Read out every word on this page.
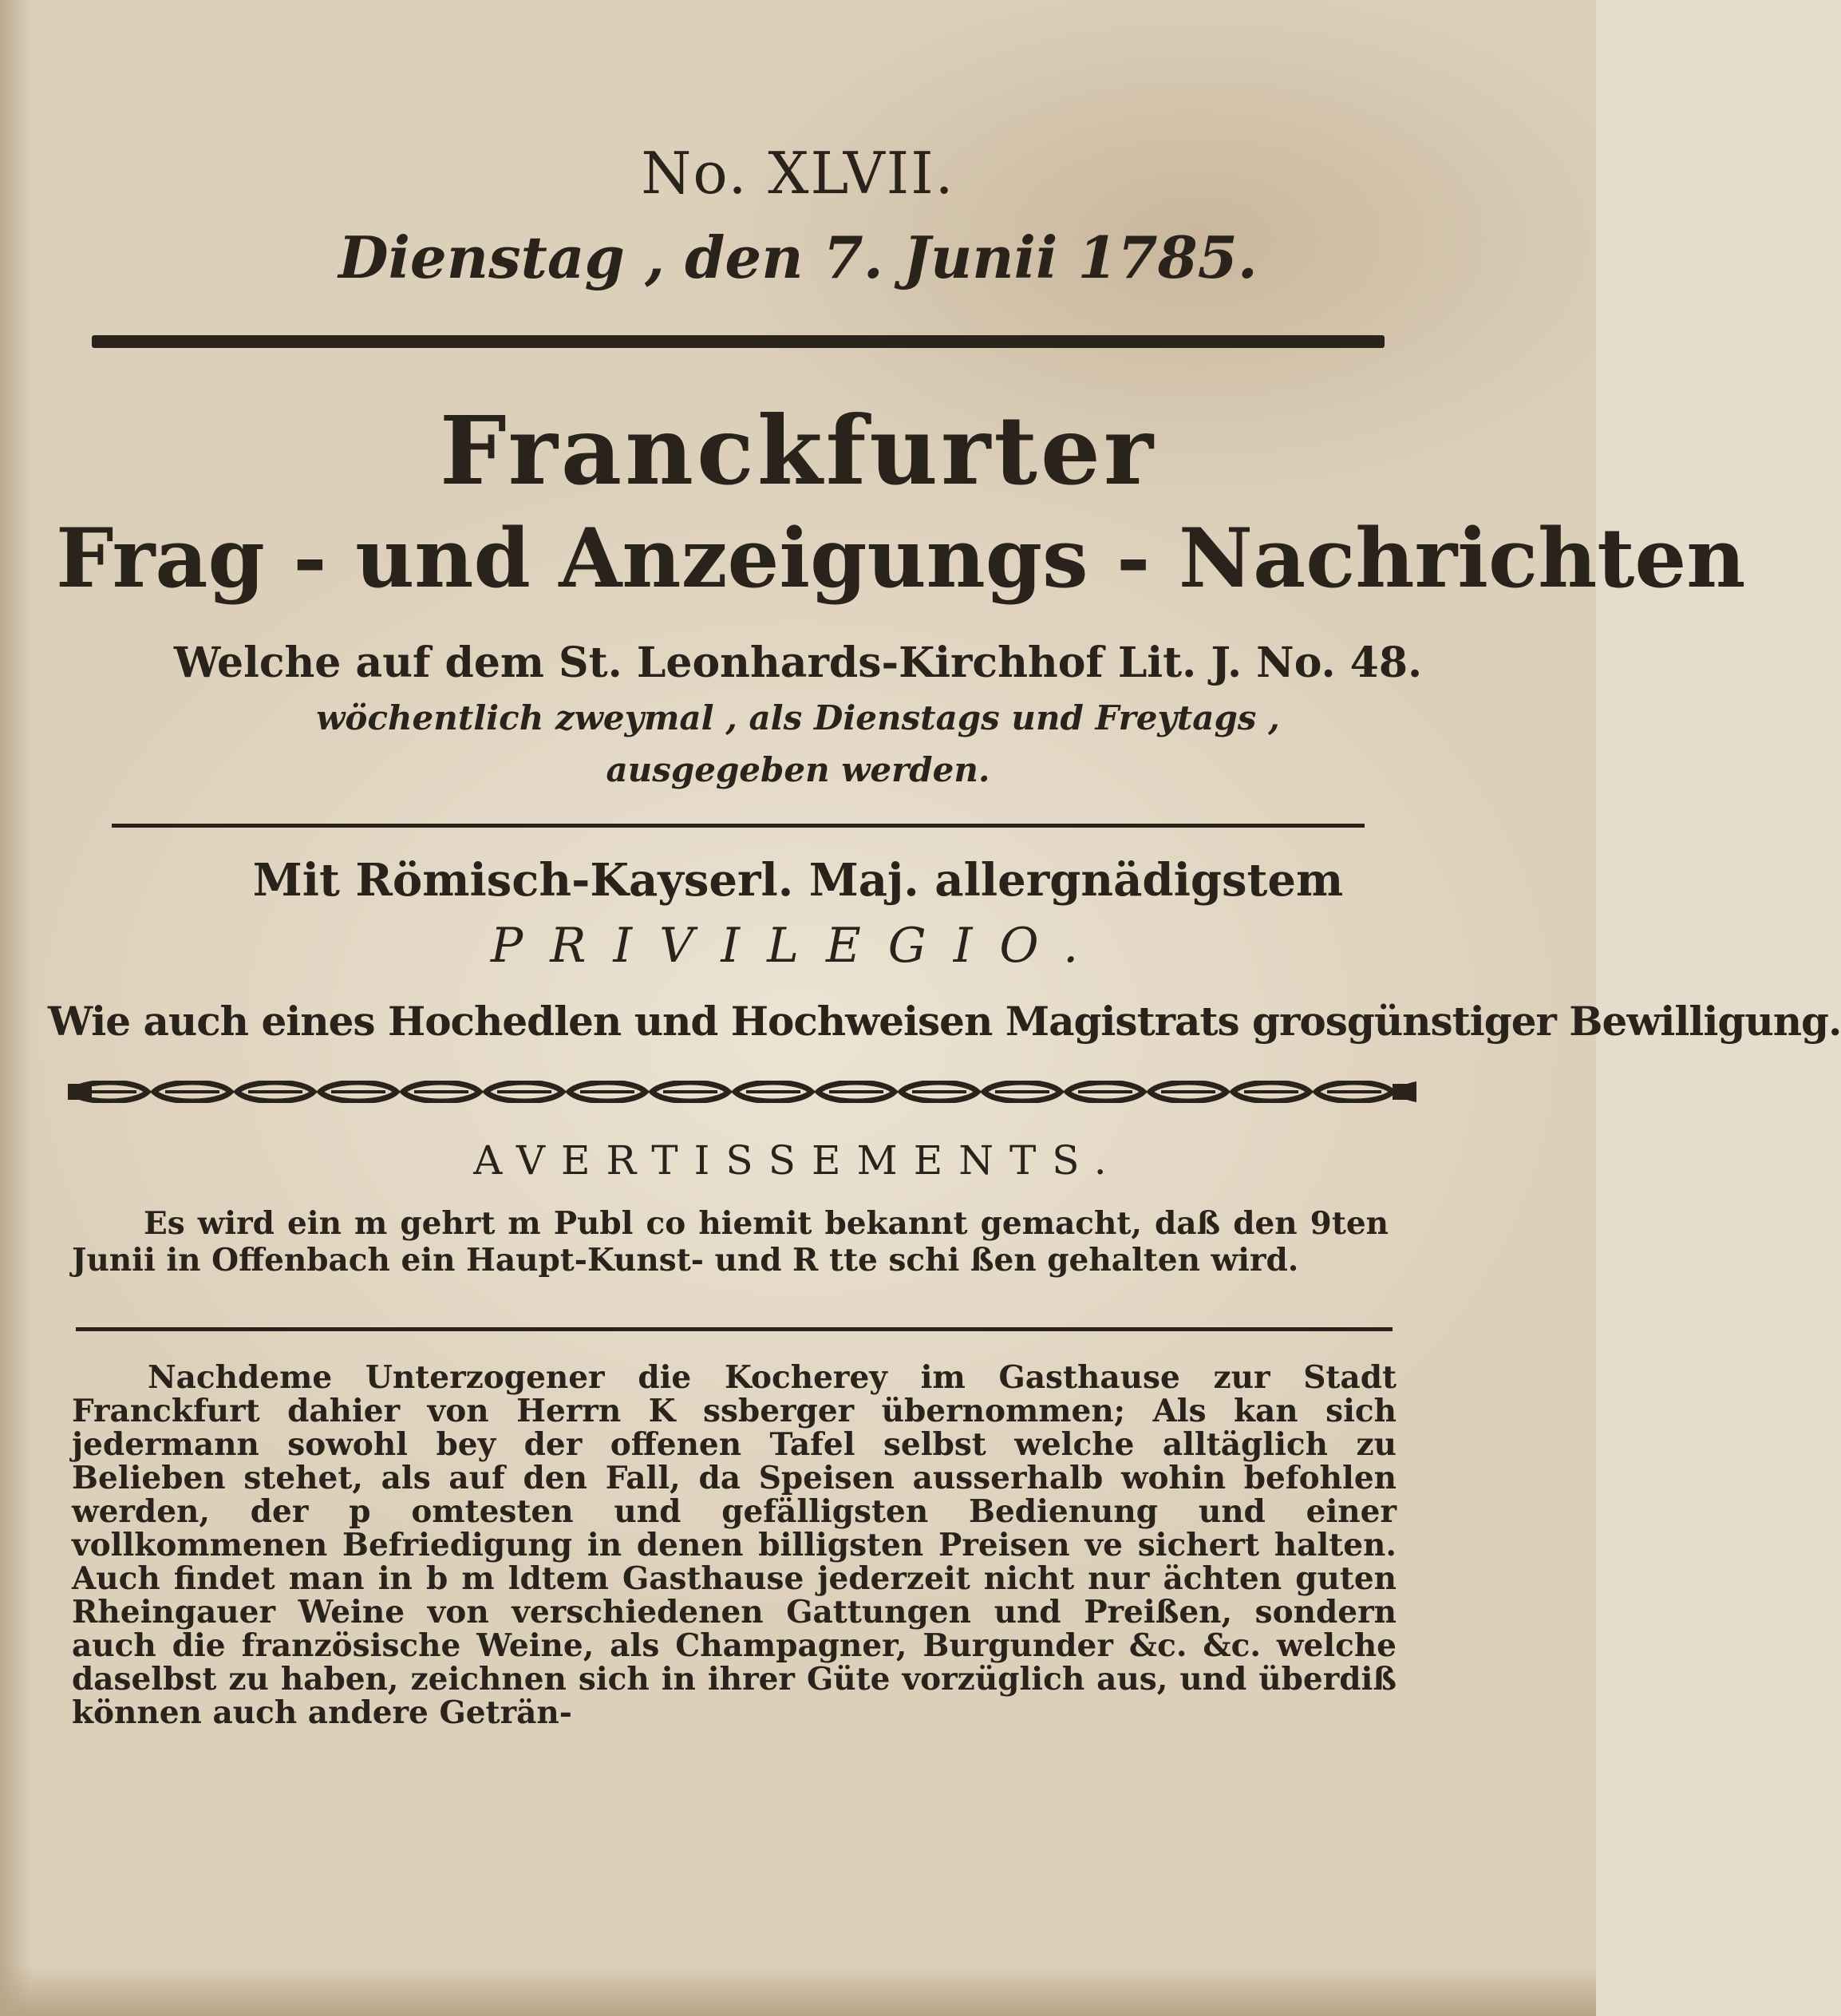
No. XLVII.
Dienstag , den 7. Junii 1785.
Franckfurter
Frag - und Anzeigungs - Nachrichten
Welche auf dem St. Leonhards-Kirchhof Lit. J. No. 48.
wöchentlich zweymal , als Dienstags und Freytags ,
ausgegeben werden.
Mit Römisch-Kayserl. Maj. allergnädigstem
PRIVILEGIO.
Wie auch eines Hochedlen und Hochweisen Magistrats grosgünstiger Bewilligung.
AVERTISSEMENTS.
Es wird ein m gehrt m Publ co hiemit bekannt gemacht, daß den 9ten Junii in Offenbach ein Haupt-Kunst- und R tte schi ßen gehalten wird.
Nachdeme Unterzogener die Kocherey im Gasthause zur Stadt Franckfurt dahier von Herrn K ssberger übernommen; Als kan sich jedermann sowohl bey der offenen Tafel selbst welche alltäglich zu Belieben stehet, als auf den Fall, da Speisen ausserhalb wohin befohlen werden, der p omtesten und gefälligsten Bedienung und einer vollkommenen Befriedigung in denen billigsten Preisen ve sichert halten. Auch findet man in b m ldtem Gasthause jederzeit nicht nur ächten guten Rheingauer Weine von verschiedenen Gattungen und Preißen, sondern auch die französische Weine, als Champagner, Burgunder &c. &c. welche daselbst zu haben, zeichnen sich in ihrer Güte vorzüglich aus, und überdiß können auch andere Geträn-
